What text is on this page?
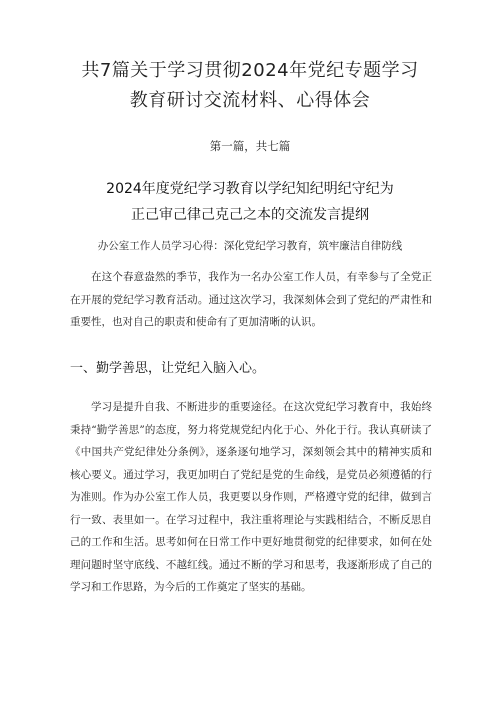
共7篇关于学习贯彻2024年党纪专题学习
教育研讨交流材料、心得体会
第一篇，共七篇
2024年度党纪学习教育以学纪知纪明纪守纪为
正己审己律己克己之本的交流发言提纲
办公室工作人员学习心得：深化党纪学习教育，筑牢廉洁自律防线

在这个春意盎然的季节，我作为一名办公室工作人员，有幸参与了全党正在开展的党纪学习教育活动。通过这次学习，我深刻体会到了党纪的严肃性和重要性，也对自己的职责和使命有了更加清晰的认识。

一、勤学善思，让党纪入脑入心。

学习是提升自我、不断进步的重要途径。在这次党纪学习教育中，我始终秉持“勤学善思”的态度，努力将党规党纪内化于心、外化于行。我认真研读了《中国共产党纪律处分条例》，逐条逐句地学习，深刻领会其中的精神实质和核心要义。通过学习，我更加明白了党纪是党的生命线，是党员必须遵循的行为准则。作为办公室工作人员，我更要以身作则，严格遵守党的纪律，做到言行一致、表里如一。在学习过程中，我注重将理论与实践相结合，不断反思自己的工作和生活。思考如何在日常工作中更好地贯彻党的纪律要求，如何在处理问题时坚守底线、不越红线。通过不断的学习和思考，我逐渐形成了自己的学习和工作思路，为今后的工作奠定了坚实的基础。
